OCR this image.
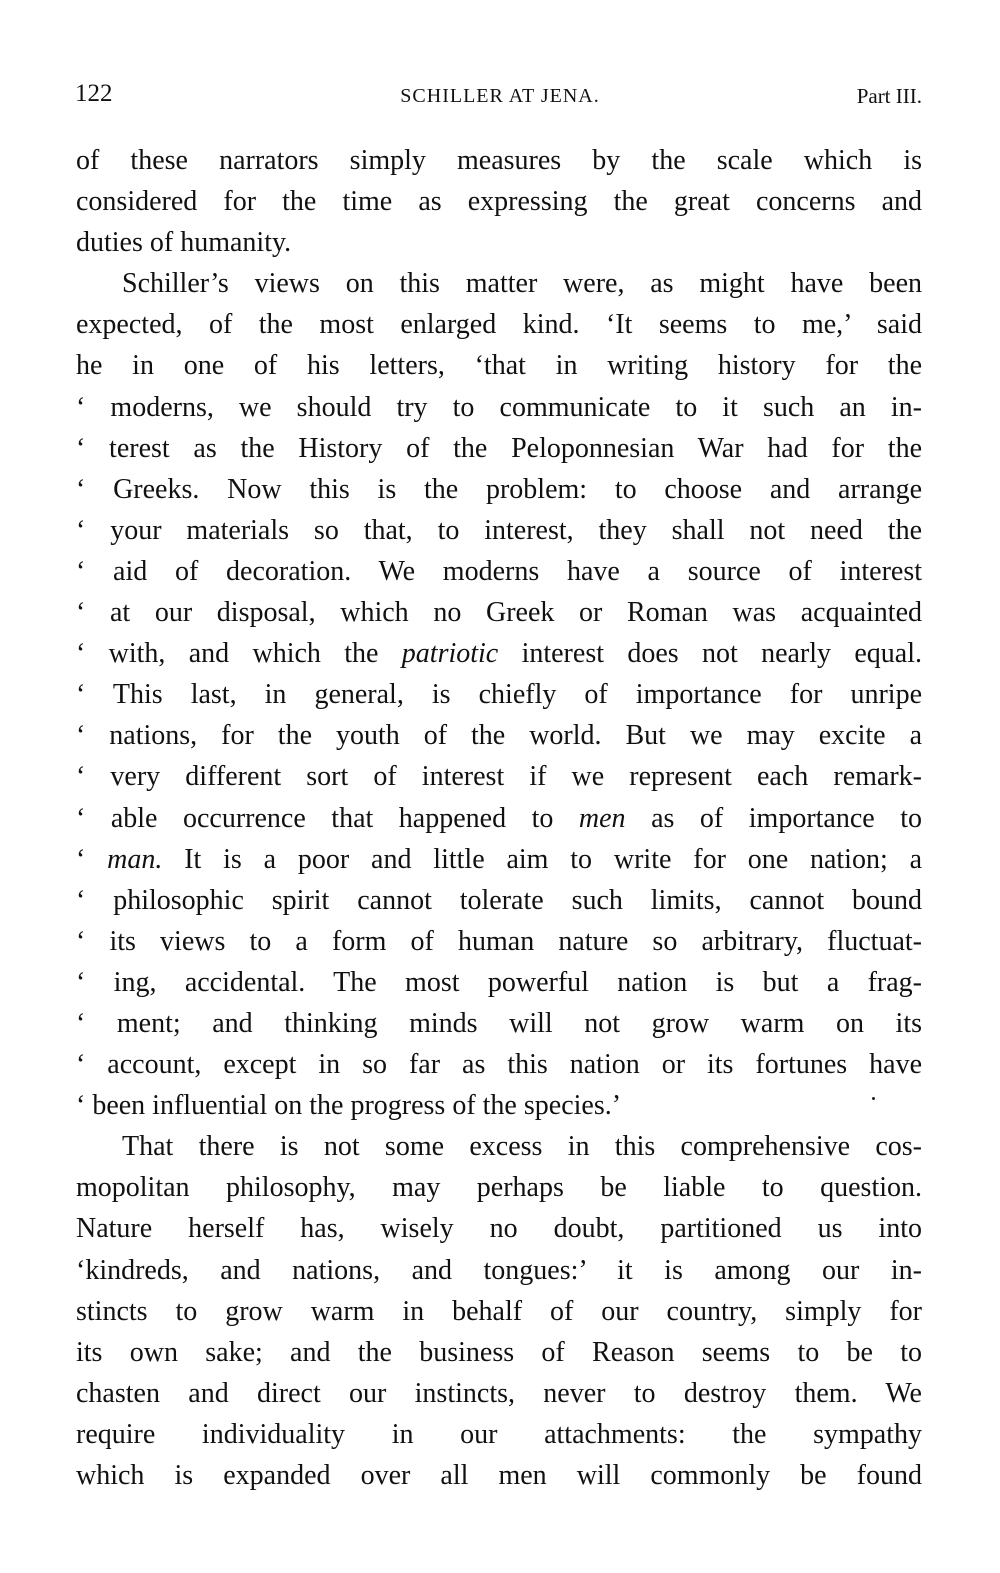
122	SCHILLER AT JENA.	Part III.
of these narrators simply measures by the scale which is
considered for the time as expressing the great concerns and
duties of humanity.
Schiller’s views on this matter were, as might have been
expected, of the most enlarged kind. ‘It seems to me,’ said
he in one of his letters, ‘that in writing history for the
‘ moderns, we should try to communicate to it such an in-
‘ terest as the History of the Peloponnesian War had for the
‘ Greeks. Now this is the problem: to choose and arrange
‘ your materials so that, to interest, they shall not need the
‘ aid of decoration. We moderns have a source of interest
‘ at our disposal, which no Greek or Roman was acquainted
‘ with, and which the patriotic interest does not nearly equal.
‘ This last, in general, is chiefly of importance for unripe
‘ nations, for the youth of the world. But we may excite a
‘ very different sort of interest if we represent each remark-
‘ able occurrence that happened to men as of importance to
‘ man. It is a poor and little aim to write for one nation; a
‘ philosophic spirit cannot tolerate such limits, cannot bound
‘ its views to a form of human nature so arbitrary, fluctuat-
‘ ing, accidental. The most powerful nation is but a frag-
‘ ment; and thinking minds will not grow warm on its
‘ account, except in so far as this nation or its fortunes have
‘ been influential on the progress of the species.’
That there is not some excess in this comprehensive cos-
mopolitan philosophy, may perhaps be liable to question.
Nature herself has, wisely no doubt, partitioned us into
‘kindreds, and nations, and tongues:’ it is among our in-
stincts to grow warm in behalf of our country, simply for
its own sake; and the business of Reason seems to be to
chasten and direct our instincts, never to destroy them. We
require individuality in our attachments: the sympathy
which is expanded over all men will commonly be found
